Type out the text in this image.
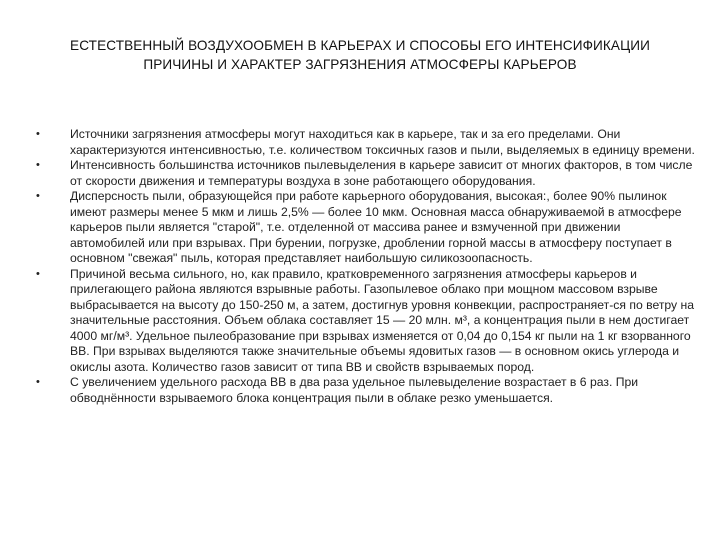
ЕСТЕСТВЕННЫЙ ВОЗДУХООБМЕН В КАРЬЕРАХ И СПОСОБЫ ЕГО ИНТЕНСИФИКАЦИИ
ПРИЧИНЫ И ХАРАКТЕР ЗАГРЯЗНЕНИЯ АТМОСФЕРЫ КАРЬЕРОВ
•	Источники загрязнения атмосферы могут находиться как в карьере, так и за его пределами. Они характеризуются интенсивностью, т.е. количеством токсичных газов и пыли, выделяемых в единицу времени.
•	Интенсивность большинства источников пылевыделения в карьере зависит от многих факторов, в том числе от скорости движения и температуры воздуха в зоне работающего оборудования.
•	Дисперсность пыли, образующейся при работе карьерного оборудования, высокая:, более 90% пылинок имеют размеры менее 5 мкм и лишь 2,5% — более 10 мкм. Основная масса обнаруживаемой в атмосфере карьеров пыли является "старой", т.е. отделенной от массива ранее и взмученной при движении автомобилей или при взрывах. При бурении, погрузке, дроблении горной массы в атмосферу поступает в основном "свежая" пыль, которая представляет наибольшую силикозоопасность.
•	Причиной весьма сильного, но, как правило, кратковременного загрязнения атмосферы карьеров и прилегающего района являются взрывные работы. Газопылевое облако при мощном массовом взрыве выбрасывается на высоту до 150-250 м, а затем, достигнув уровня конвекции, распространяет-ся по ветру на значительные расстояния. Объем облака составляет 15 — 20 млн. м³, а концентрация пыли в нем достигает 4000 мг/м³. Удельное пылеобразование при взрывах изменяется от 0,04 до 0,154 кг пыли на 1 кг взорванного ВВ. При взрывах выделяются также значительные объемы ядовитых газов — в основном окись углерода и окислы азота. Количество газов зависит от типа ВВ и свойств взрываемых пород.
•	С увеличением удельного расхода ВВ в два раза удельное пылевыделение возрастает в 6 раз. При обводнённости взрываемого блока концентрация пыли в облаке резко уменьшается.
